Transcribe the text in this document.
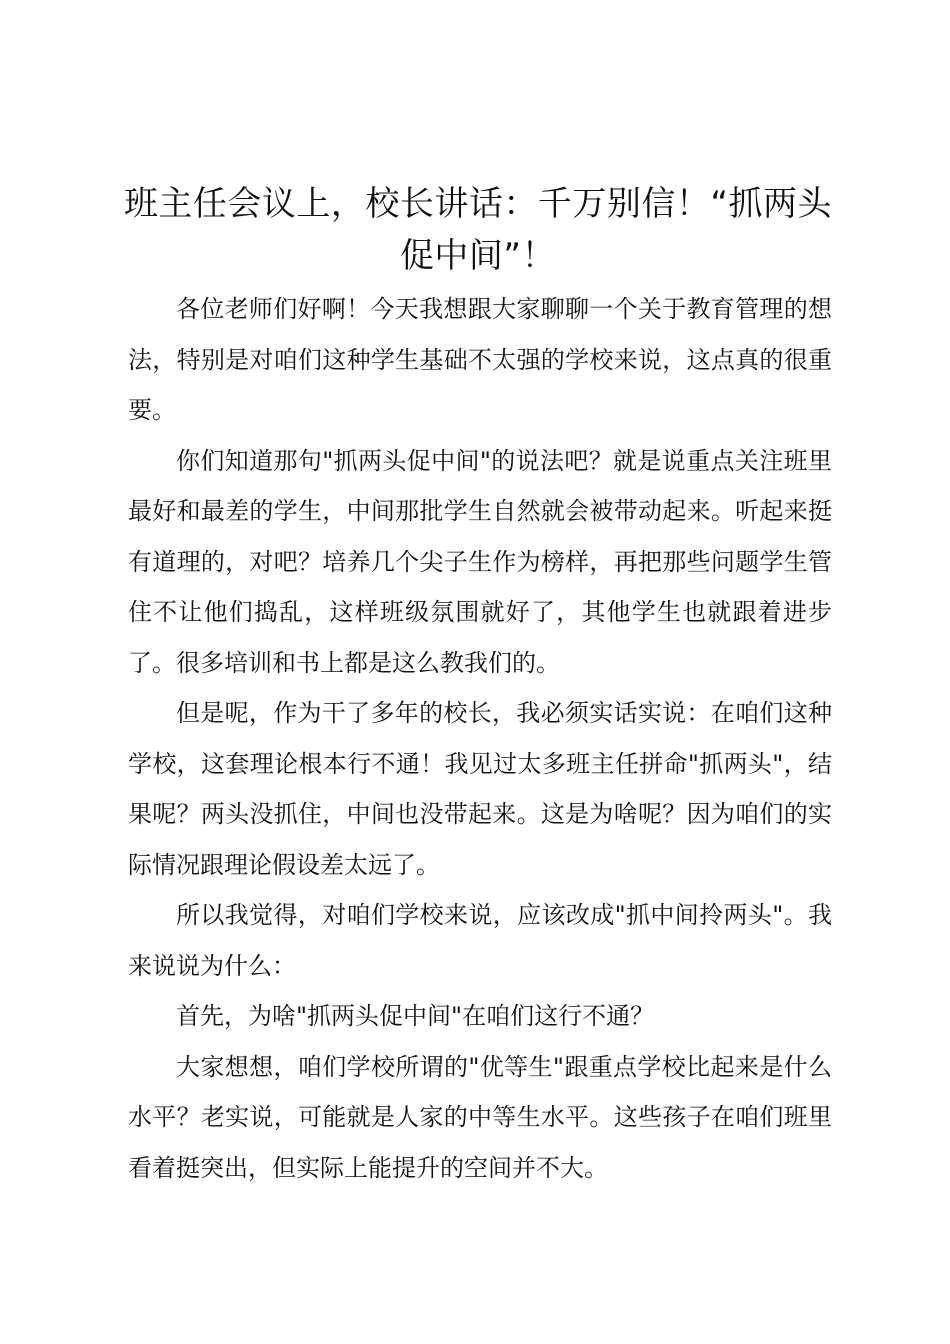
班主任会议上，校长讲话：千万别信！“抓两头促中间”！

各位老师们好啊！今天我想跟大家聊聊一个关于教育管理的想法，特别是对咱们这种学生基础不太强的学校来说，这点真的很重要。

你们知道那句"抓两头促中间"的说法吧？就是说重点关注班里最好和最差的学生，中间那批学生自然就会被带动起来。听起来挺有道理的，对吧？培养几个尖子生作为榜样，再把那些问题学生管住不让他们捣乱，这样班级氛围就好了，其他学生也就跟着进步了。很多培训和书上都是这么教我们的。

但是呢，作为干了多年的校长，我必须实话实说：在咱们这种学校，这套理论根本行不通！我见过太多班主任拼命"抓两头"，结果呢？两头没抓住，中间也没带起来。这是为啥呢？因为咱们的实际情况跟理论假设差太远了。

所以我觉得，对咱们学校来说，应该改成"抓中间拎两头"。我来说说为什么：

首先，为啥"抓两头促中间"在咱们这行不通？

大家想想，咱们学校所谓的"优等生"跟重点学校比起来是什么水平？老实说，可能就是人家的中等生水平。这些孩子在咱们班里看着挺突出，但实际上能提升的空间并不大。
